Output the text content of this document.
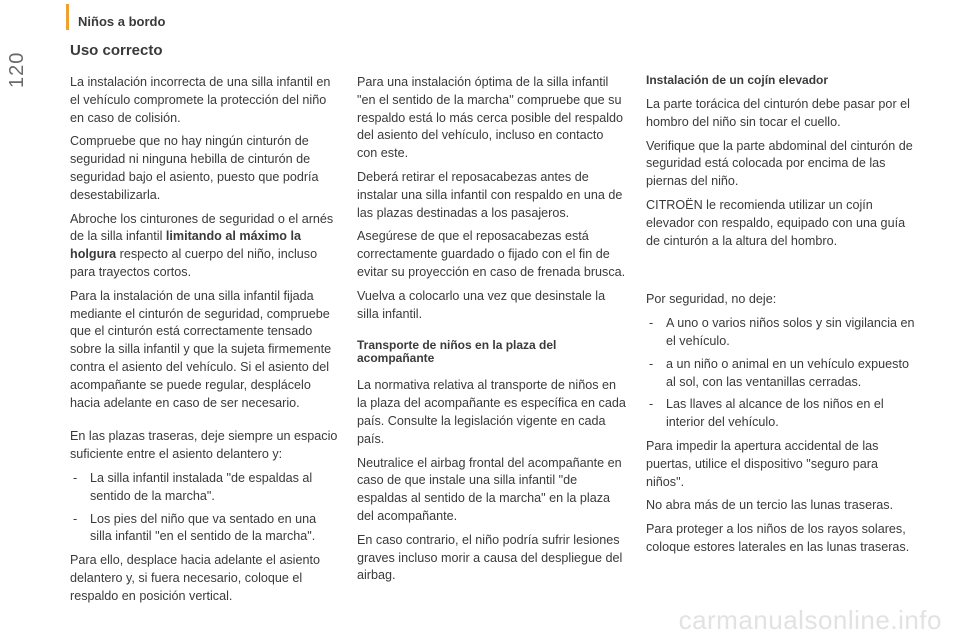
120
Niños a bordo
Uso correcto

La instalación incorrecta de una silla infantil en el vehículo compromete la protección del niño en caso de colisión.

Compruebe que no hay ningún cinturón de seguridad ni ninguna hebilla de cinturón de seguridad bajo el asiento, puesto que podría desestabilizarla.

Abroche los cinturones de seguridad o el arnés de la silla infantil limitando al máximo la holgura respecto al cuerpo del niño, incluso para trayectos cortos.

Para la instalación de una silla infantil fijada mediante el cinturón de seguridad, compruebe que el cinturón está correctamente tensado sobre la silla infantil y que la sujeta firmemente contra el asiento del vehículo. Si el asiento del acompañante se puede regular, desplácelo hacia adelante en caso de ser necesario.

En las plazas traseras, deje siempre un espacio suficiente entre el asiento delantero y:

- La silla infantil instalada "de espaldas al sentido de la marcha".
- Los pies del niño que va sentado en una silla infantil "en el sentido de la marcha".

Para ello, desplace hacia adelante el asiento delantero y, si fuera necesario, coloque el respaldo en posición vertical.

Para una instalación óptima de la silla infantil "en el sentido de la marcha" compruebe que su respaldo está lo más cerca posible del respaldo del asiento del vehículo, incluso en contacto con este.

Deberá retirar el reposacabezas antes de instalar una silla infantil con respaldo en una de las plazas destinadas a los pasajeros.

Asegúrese de que el reposacabezas está correctamente guardado o fijado con el fin de evitar su proyección en caso de frenada brusca.

Vuelva a colocarlo una vez que desinstale la silla infantil.

Transporte de niños en la plaza del acompañante

La normativa relativa al transporte de niños en la plaza del acompañante es específica en cada país. Consulte la legislación vigente en cada país.

Neutralice el airbag frontal del acompañante en caso de que instale una silla infantil "de espaldas al sentido de la marcha" en la plaza del acompañante.

En caso contrario, el niño podría sufrir lesiones graves incluso morir a causa del despliegue del airbag.

Instalación de un cojín elevador

La parte torácica del cinturón debe pasar por el hombro del niño sin tocar el cuello.

Verifique que la parte abdominal del cinturón de seguridad está colocada por encima de las piernas del niño.

CITROËN le recomienda utilizar un cojín elevador con respaldo, equipado con una guía de cinturón a la altura del hombro.

Por seguridad, no deje:

- A uno o varios niños solos y sin vigilancia en el vehículo.
- a un niño o animal en un vehículo expuesto al sol, con las ventanillas cerradas.
- Las llaves al alcance de los niños en el interior del vehículo.

Para impedir la apertura accidental de las puertas, utilice el dispositivo "seguro para niños".

No abra más de un tercio las lunas traseras.

Para proteger a los niños de los rayos solares, coloque estores laterales en las lunas traseras.

carmanualsonline.info
